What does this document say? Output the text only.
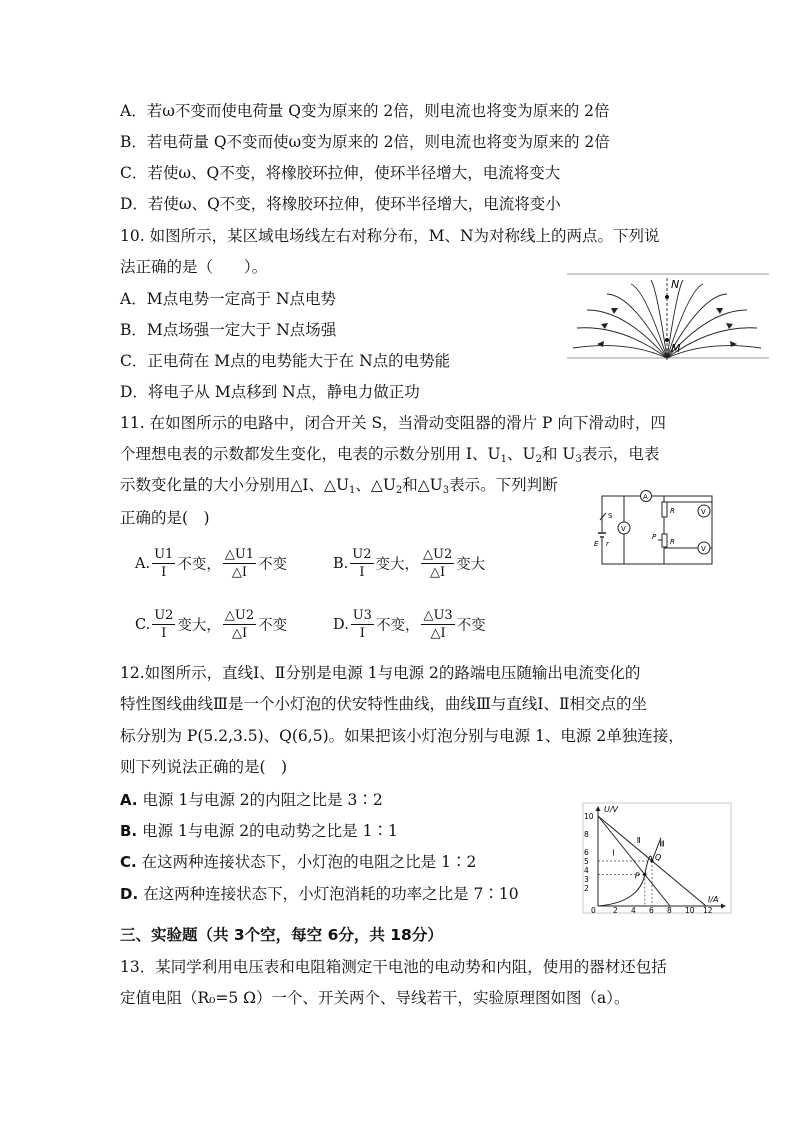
A．若ω不变而使电荷量 Q变为原来的 2倍，则电流也将变为原来的 2倍
B．若电荷量 Q不变而使ω变为原来的 2倍，则电流也将变为原来的 2倍
C．若使ω、Q不变，将橡胶环拉伸，使环半径增大，电流将变大
D．若使ω、Q不变，将橡胶环拉伸，使环半径增大，电流将变小
10. 如图所示，某区域电场线左右对称分布，M、N为对称线上的两点。下列说
法正确的是（　　）。
A．M点电势一定高于 N点电势
B．M点场强一定大于 N点场强
C．正电荷在 M点的电势能大于在 N点的电势能
D．将电子从 M点移到 N点，静电力做正功
N
M
11. 在如图所示的电路中，闭合开关 S，当滑动变阻器的滑片 P 向下滑动时，四
个理想电表的示数都发生变化，电表的示数分别用 I、$U_1$、$U_2$和 $U_3$表示，电表
示数变化量的大小分别用△I、$\triangle U_1$、$\triangle U_2$和$\triangle U_3$表示。下列判断
正确的是(　)
A. $\frac{U1}{I}$ 不变， $\frac{\triangle U1}{\triangle I}$ 不变	B. $\frac{U2}{I}$ 变大， $\frac{\triangle U2}{\triangle I}$ 变大
C. $\frac{U2}{I}$ 变大， $\frac{\triangle U2}{\triangle I}$ 不变	D. $\frac{U3}{I}$ 不变， $\frac{\triangle U3}{\triangle I}$ 不变
A
V
V
V
R
R
S
E r
P
12.如图所示，直线Ⅰ、Ⅱ分别是电源 1与电源 2的路端电压随输出电流变化的
特性图线曲线Ⅲ是一个小灯泡的伏安特性曲线，曲线Ⅲ与直线Ⅰ、Ⅱ相交点的坐
标分别为 P(5.2,3.5)、Q(6,5)。如果把该小灯泡分别与电源 1、电源 2单独连接，
则下列说法正确的是(　)
A. 电源 1与电源 2的内阻之比是 3∶2
B. 电源 1与电源 2的电动势之比是 1∶1
C. 在这两种连接状态下，小灯泡的电阻之比是 1∶2
D. 在这两种连接状态下，小灯泡消耗的功率之比是 7∶10
2 4 6 8 10 12
10
8
6
5
4
3
2
P
Q
Ⅰ
Ⅱ Ⅲ
U/V
I/A
0
三、实验题（共 3个空，每空 6分，共 18分）
13．某同学利用电压表和电阻箱测定干电池的电动势和内阻，使用的器材还包括
定值电阻（R₀=5 Ω）一个、开关两个、导线若干，实验原理图如图（a）。
